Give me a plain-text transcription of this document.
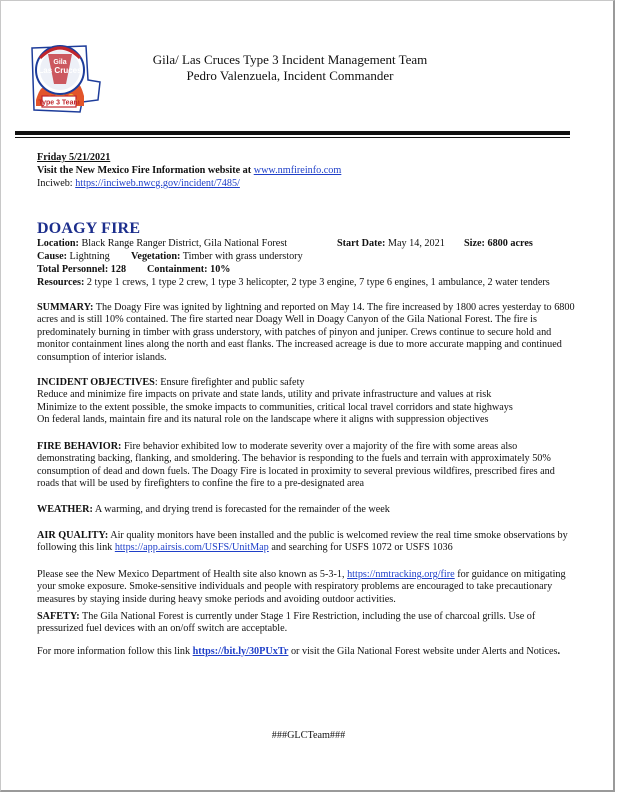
Gila
Las Cruces
Type 3 Team
Gila/ Las Cruces Type 3 Incident Management Team
Pedro Valenzuela, Incident Commander
Friday 5/21/2021
Visit the New Mexico Fire Information website at www.nmfireinfo.com
Inciweb: https://inciweb.nwcg.gov/incident/7485/
DOAGY FIRE
Location: Black Range Ranger District, Gila National Forest	Start Date: May 14, 2021 Size: 6800 acres
Cause: Lightning Vegetation: Timber with grass understory
Total Personnel: 128 Containment: 10%
Resources: 2 type 1 crews, 1 type 2 crew, 1 type 3 helicopter, 2 type 3 engine, 7 type 6 engines, 1 ambulance, 2 water tenders

SUMMARY: The Doagy Fire was ignited by lightning and reported on May 14. The fire increased by 1800 acres yesterday to 6800 acres and is still 10% contained. The fire started near Doagy Well in Doagy Canyon of the Gila National Forest. The fire is predominately burning in timber with grass understory, with patches of pinyon and juniper. Crews continue to secure hold and monitor containment lines along the north and east flanks. The increased acreage is due to more accurate mapping and continued consumption of interior islands.

INCIDENT OBJECTIVES: Ensure firefighter and public safety

Reduce and minimize fire impacts on private and state lands, utility and private infrastructure and values at risk

Minimize to the extent possible, the smoke impacts to communities, critical local travel corridors and state highways

On federal lands, maintain fire and its natural role on the landscape where it aligns with suppression objectives

FIRE BEHAVIOR: Fire behavior exhibited low to moderate severity over a majority of the fire with some areas also demonstrating backing, flanking, and smoldering. The behavior is responding to the fuels and terrain with approximately 50% consumption of dead and down fuels. The Doagy Fire is located in proximity to several previous wildfires, prescribed fires and roads that will be used by firefighters to confine the fire to a pre-designated area

WEATHER: A warming, and drying trend is forecasted for the remainder of the week

AIR QUALITY: Air quality monitors have been installed and the public is welcomed review the real time smoke observations by following this link https://app.airsis.com/USFS/UnitMap and searching for USFS 1072 or USFS 1036

Please see the New Mexico Department of Health site also known as 5-3-1, https://nmtracking.org/fire for guidance on mitigating your smoke exposure. Smoke-sensitive individuals and people with respiratory problems are encouraged to take precautionary measures by staying inside during heavy smoke periods and avoiding outdoor activities.

SAFETY: The Gila National Forest is currently under Stage 1 Fire Restriction, including the use of charcoal grills. Use of pressurized fuel devices with an on/off switch are acceptable.

For more information follow this link https://bit.ly/30PUxTr or visit the Gila National Forest website under Alerts and Notices.

###GLCTeam###
